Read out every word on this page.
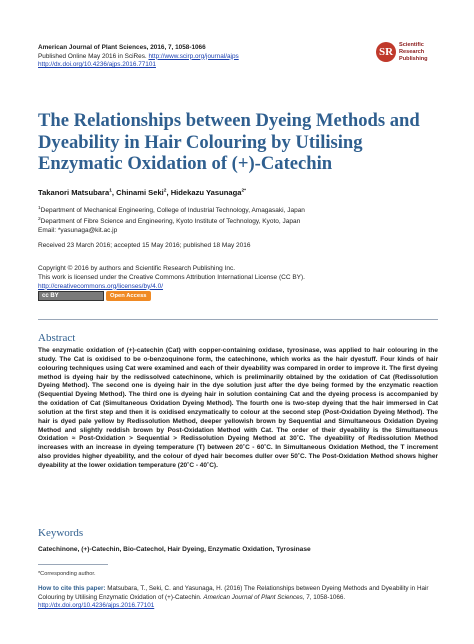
American Journal of Plant Sciences, 2016, 7, 1058-1066
Published Online May 2016 in SciRes. http://www.scirp.org/journal/ajps
http://dx.doi.org/10.4236/ajps.2016.77101
SR
Scientific
Research
Publishing
The Relationships between Dyeing Methods and Dyeability in Hair Colouring by Utilising Enzymatic Oxidation of (+)-Catechin
Takanori Matsubara$^1$, Chinami Seki$^2$, Hidekazu Yasunaga$^{2*}$
$^1$Department of Mechanical Engineering, College of Industrial Technology, Amagasaki, Japan
$^2$Department of Fibre Science and Engineering, Kyoto Institute of Technology, Kyoto, Japan
Email: *yasunaga@kit.ac.jp
Received 23 March 2016; accepted 15 May 2016; published 18 May 2016
Copyright © 2016 by authors and Scientific Research Publishing Inc.
This work is licensed under the Creative Commons Attribution International License (CC BY).
http://creativecommons.org/licenses/by/4.0/
cc BY	Open Access
Abstract
The enzymatic oxidation of (+)-catechin (Cat) with copper-containing oxidase, tyrosinase, was applied to hair colouring in the study. The Cat is oxidised to be o-benzoquinone form, the catechinone, which works as the hair dyestuff. Four kinds of hair colouring techniques using Cat were examined and each of their dyeability was compared in order to improve it. The first dyeing method is dyeing hair by the redissolved catechinone, which is preliminarily obtained by the oxidation of Cat (Redissolution Dyeing Method). The second one is dyeing hair in the dye solution just after the dye being formed by the enzymatic reaction (Sequential Dyeing Method). The third one is dyeing hair in solution containing Cat and the dyeing process is accompanied by the oxidation of Cat (Simultaneous Oxidation Dyeing Method). The fourth one is two-step dyeing that the hair immersed in Cat solution at the first step and then it is oxidised enzymatically to colour at the second step (Post-Oxidation Dyeing Method). The hair is dyed pale yellow by Redissolution Method, deeper yellowish brown by Sequential and Simultaneous Oxidation Dyeing Method and slightly reddish brown by Post-Oxidation Method with Cat. The order of their dyeability is the Simultaneous Oxidation ≈ Post-Oxidation > Sequential > Redissolution Dyeing Method at 30˚C. The dyeability of Redissolution Method increases with an increase in dyeing temperature (T) between 20˚C - 60˚C. In Simultaneous Oxidation Method, the T increment also provides higher dyeability, and the colour of dyed hair becomes duller over 50˚C. The Post-Oxidation Method shows higher dyeability at the lower oxidation temperature (20˚C - 40˚C).
Keywords
Catechinone, (+)-Catechin, Bio-Catechol, Hair Dyeing, Enzymatic Oxidation, Tyrosinase
*Corresponding author.
How to cite this paper: Matsubara, T., Seki, C. and Yasunaga, H. (2016) The Relationships between Dyeing Methods and Dyeability in Hair Colouring by Utilising Enzymatic Oxidation of (+)-Catechin. American Journal of Plant Sciences, 7, 1058-1066. http://dx.doi.org/10.4236/ajps.2016.77101
